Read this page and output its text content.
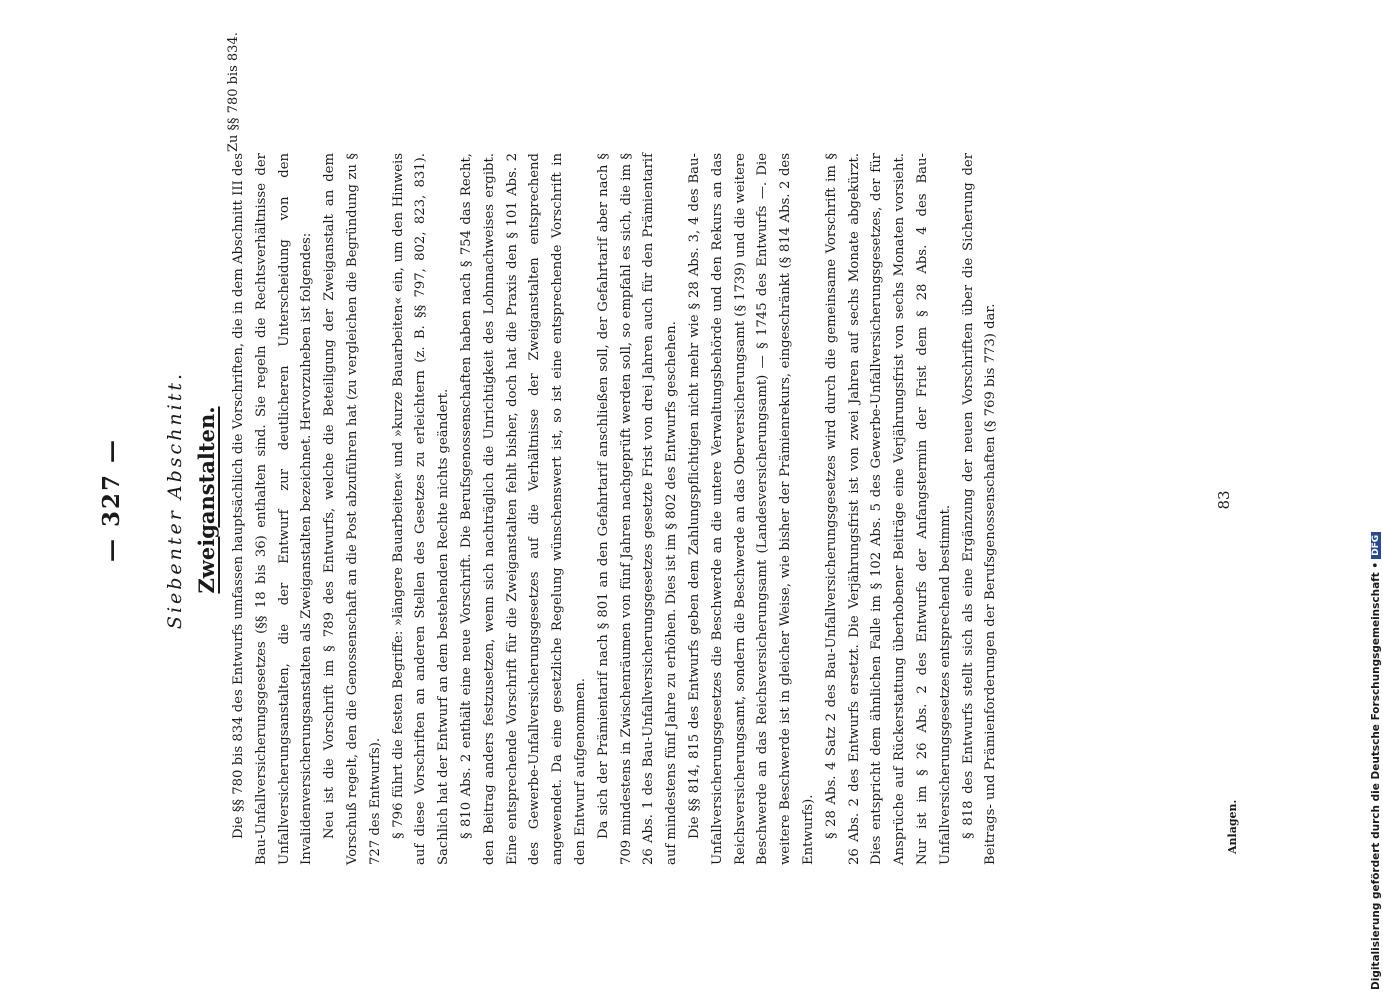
— 327 — Siebenter Abschnitt. Zweiganstalten.
Zu §§ 780 bis 834.

Die §§ 780 bis 834 des Entwurfs umfassen hauptsächlich die Vorschriften, die in dem Abschnitt III des Bau-Unfallversicherungsgesetzes (§§ 18 bis 36) enthalten sind. Sie regeln die Rechtsverhältnisse der Unfallversicherungsanstalten, die der Entwurf zur deutlicheren Unterscheidung von den Invalidenversicherungsanstalten als Zweiganstalten bezeichnet. Hervorzuheben ist folgendes: Neu ist die Vorschrift im § 789 des Entwurfs, welche die Beteiligung der Zweiganstalt an dem Vorschuß regelt, den die Genossenschaft an die Post abzuführen hat (zu vergleichen die Begründung zu § 727 des Entwurfs). § 796 führt die festen Begriffe: »längere Bauarbeiten« und »kurze Bauarbeiten« ein, um den Hinweis auf diese Vorschriften an anderen Stellen des Gesetzes zu erleichtern (z. B. §§ 797, 802, 823, 831). Sachlich hat der Entwurf an dem bestehenden Rechte nichts geändert. § 810 Abs. 2 enthält eine neue Vorschrift. Die Berufsgenossenschaften haben nach § 754 das Recht, den Beitrag anders festzusetzen, wenn sich nachträglich die Unrichtigkeit des Lohnnachweises ergibt. Eine entsprechende Vorschrift für die Zweiganstalten fehlt bisher, doch hat die Praxis den § 101 Abs. 2 des Gewerbe-Unfallversicherungsgesetzes auf die Verhältnisse der Zweiganstalten entsprechend angewendet. Da eine gesetzliche Regelung wünschenswert ist, so ist eine entsprechende Vorschrift in den Entwurf aufgenommen. Da sich der Prämientarif nach § 801 an den Gefahrtarif anschließen soll, der Gefahrtarif aber nach § 709 mindestens in Zwischenräumen von fünf Jahren nachgeprüft werden soll, so empfahl es sich, die im § 26 Abs. 1 des Bau-Unfallversicherungsgesetzes gesetzte Frist von drei Jahren auch für den Prämientarif auf mindestens fünf Jahre zu erhöhen. Dies ist im § 802 des Entwurfs geschehen. Die §§ 814, 815 des Entwurfs geben dem Zahlungspflichtigen nicht mehr wie § 28 Abs. 3, 4 des Bau-Unfallversicherungsgesetzes die Beschwerde an die untere Verwaltungsbehörde und den Rekurs an das Reichsversicherungsamt, sondern die Beschwerde an das Oberversicherungsamt (§ 1739) und die weitere Beschwerde an das Reichsversicherungsamt (Landesversicherungsamt) — § 1745 des Entwurfs —. Die weitere Beschwerde ist in gleicher Weise, wie bisher der Prämienrekurs, eingeschränkt (§ 814 Abs. 2 des Entwurfs). § 28 Abs. 4 Satz 2 des Bau-Unfallversicherungsgesetzes wird durch die gemeinsame Vorschrift im § 26 Abs. 2 des Entwurfs ersetzt. Die Verjährungsfrist ist von zwei Jahren auf sechs Monate abgekürzt. Dies entspricht dem ähnlichen Falle im § 102 Abs. 5 des Gewerbe-Unfallversicherungsgesetzes, der für Ansprüche auf Rückerstattung überhobener Beiträge eine Verjährungsfrist von sechs Monaten vorsieht. Nur ist im § 26 Abs. 2 des Entwurfs der Anfangstermin der Frist dem § 28 Abs. 4 des Bau-Unfallversicherungsgesetzes entsprechend bestimmt. § 818 des Entwurfs stellt sich als eine Ergänzung der neuen Vorschriften über die Sicherung der Beitrags- und Prämienforderungen der Berufsgenossenschaften (§ 769 bis 773) dar.	Anlagen.
83
Digitalisierung gefördert durch die Deutsche Forschungsgemeinschaft •DFG
